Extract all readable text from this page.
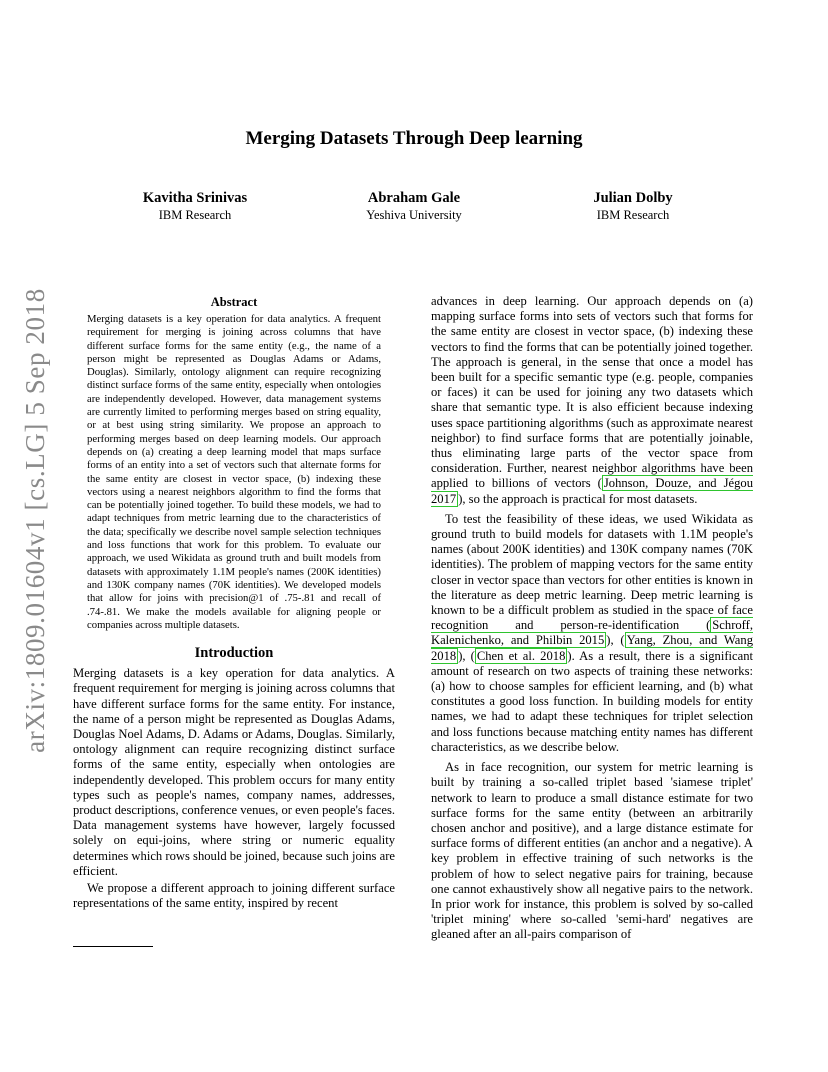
arXiv:1809.01604v1 [cs.LG] 5 Sep 2018
Merging Datasets Through Deep learning
Kavitha Srinivas
IBM Research
Abraham Gale
Yeshiva University
Julian Dolby
IBM Research
Abstract

Merging datasets is a key operation for data analytics. A frequent requirement for merging is joining across columns that have different surface forms for the same entity (e.g., the name of a person might be represented as Douglas Adams or Adams, Douglas). Similarly, ontology alignment can require recognizing distinct surface forms of the same entity, especially when ontologies are independently developed. However, data management systems are currently limited to performing merges based on string equality, or at best using string similarity. We propose an approach to performing merges based on deep learning models. Our approach depends on (a) creating a deep learning model that maps surface forms of an entity into a set of vectors such that alternate forms for the same entity are closest in vector space, (b) indexing these vectors using a nearest neighbors algorithm to find the forms that can be potentially joined together. To build these models, we had to adapt techniques from metric learning due to the characteristics of the data; specifically we describe novel sample selection techniques and loss functions that work for this problem. To evaluate our approach, we used Wikidata as ground truth and built models from datasets with approximately 1.1M people's names (200K identities) and 130K company names (70K identities). We developed models that allow for joins with precision@1 of .75-.81 and recall of .74-.81. We make the models available for aligning people or companies across multiple datasets.

Introduction

Merging datasets is a key operation for data analytics. A frequent requirement for merging is joining across columns that have different surface forms for the same entity. For instance, the name of a person might be represented as Douglas Adams, Douglas Noel Adams, D. Adams or Adams, Douglas. Similarly, ontology alignment can require recognizing distinct surface forms of the same entity, especially when ontologies are independently developed. This problem occurs for many entity types such as people's names, company names, addresses, product descriptions, conference venues, or even people's faces. Data management systems have however, largely focussed solely on equi-joins, where string or numeric equality determines which rows should be joined, because such joins are efficient.

We propose a different approach to joining different surface representations of the same entity, inspired by recent

advances in deep learning. Our approach depends on (a) mapping surface forms into sets of vectors such that forms for the same entity are closest in vector space, (b) indexing these vectors to find the forms that can be potentially joined together. The approach is general, in the sense that once a model has been built for a specific semantic type (e.g. people, companies or faces) it can be used for joining any two datasets which share that semantic type. It is also efficient because indexing uses space partitioning algorithms (such as approximate nearest neighbor) to find surface forms that are potentially joinable, thus eliminating large parts of the vector space from consideration. Further, nearest neighbor algorithms have been applied to billions of vectors ( Johnson, Douze, and Jégou 2017 ), so the approach is practical for most datasets.

To test the feasibility of these ideas, we used Wikidata as ground truth to build models for datasets with 1.1M people's names (about 200K identities) and 130K company names (70K identities). The problem of mapping vectors for the same entity closer in vector space than vectors for other entities is known in the literature as deep metric learning. Deep metric learning is known to be a difficult problem as studied in the space of face recognition and person-re-identification ( Schroff, Kalenichenko, and Philbin 2015 ), ( Yang, Zhou, and Wang 2018 ), ( Chen et al. 2018 ). As a result, there is a significant amount of research on two aspects of training these networks: (a) how to choose samples for efficient learning, and (b) what constitutes a good loss function. In building models for entity names, we had to adapt these techniques for triplet selection and loss functions because matching entity names has different characteristics, as we describe below.

As in face recognition, our system for metric learning is built by training a so-called triplet based 'siamese triplet' network to learn to produce a small distance estimate for two surface forms for the same entity (between an arbitrarily chosen anchor and positive), and a large distance estimate for surface forms of different entities (an anchor and a negative). A key problem in effective training of such networks is the problem of how to select negative pairs for training, because one cannot exhaustively show all negative pairs to the network. In prior work for instance, this problem is solved by so-called 'triplet mining' where so-called 'semi-hard' negatives are gleaned after an all-pairs comparison of
